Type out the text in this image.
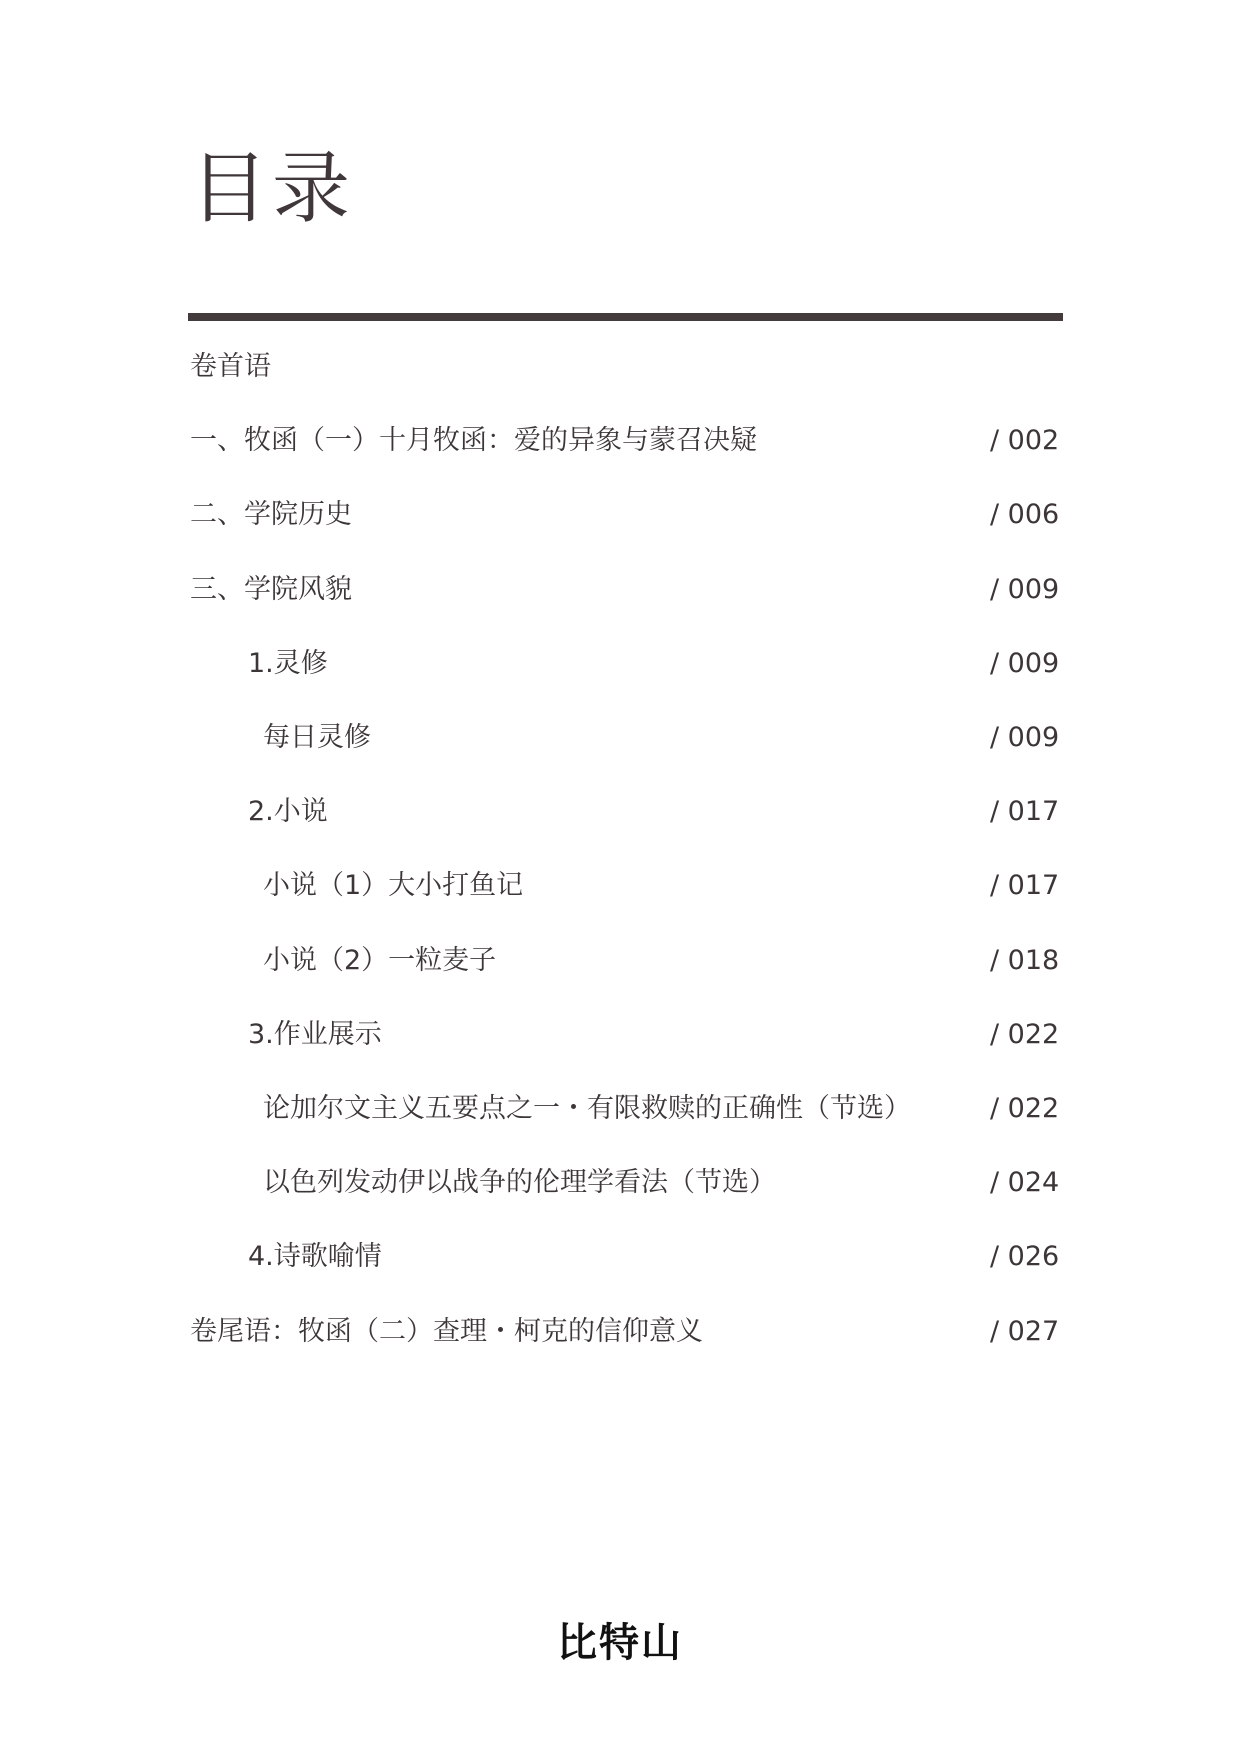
目录
卷首语
一、牧函（一）十月牧函：爱的异象与蒙召决疑	/ 002
二、学院历史	/ 006
三、学院风貌	/ 009
1.灵修	/ 009
每日灵修	/ 009
2.小说	/ 017
小说（1）大小打鱼记	/ 017
小说（2）一粒麦子	/ 018
3.作业展示	/ 022
论加尔文主义五要点之一・有限救赎的正确性（节选）	/ 022
以色列发动伊以战争的伦理学看法（节选）	/ 024
4.诗歌喻情	/ 026
卷尾语：牧函（二）查理・柯克的信仰意义	/ 027
比特山
